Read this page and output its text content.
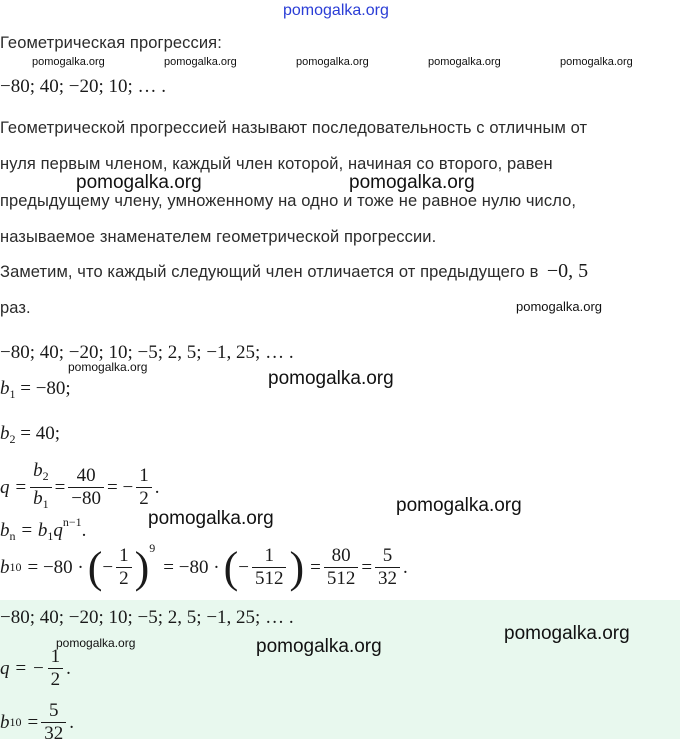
pomogalka.org
Геометрическая прогрессия:
pomogalka.org	pomogalka.org	pomogalka.org	pomogalka.org	pomogalka.org
−80; 40; −20; 10; … .
Геометрической прогрессией называют последовательность с отличным от
нуля первым членом, каждый член которой, начиная со второго, равен
pomogalka.org	pomogalka.org
предыдущему члену, умноженному на одно и тоже не равное нулю число,
называемое знаменателем геометрической прогрессии.
Заметим, что каждый следующий член отличается от предыдущего в −0, 5
раз.	pomogalka.org
−80; 40; −20; 10; −5; 2, 5; −1, 25; … .
pomogalka.org
pomogalka.org
$b_1 = -80$;
$b_2 = 40$;
$q = \frac{b_2}{b_1} = \frac{40}{-80}$ = − $\frac{1}{2}$ .
$b_n = b_1q^{n-1}$.
pomogalka.org
pomogalka.org
b 10 = −80 · ( − $\frac{1}{2} )^9$
= −80 · ( − $\frac{1}{512}$ ) = $\frac{80}{512} = \frac{5}{32}$ .
−80; 40; −20; 10; −5; 2, 5; −1, 25; … .
pomogalka.org	pomogalka.org
pomogalka.org
q = − $\frac{1}{2}$ .
b $10 = \frac{5}{32}$ .
